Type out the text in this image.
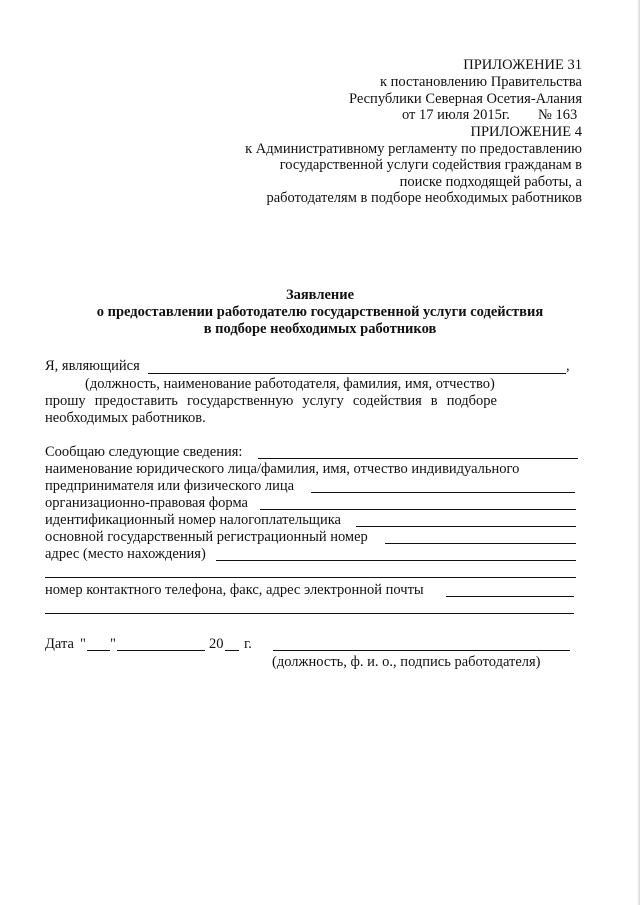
ПРИЛОЖЕНИЕ 31
к постановлению Правительства
Республики Северная Осетия-Алания
от 17 июля 2015г. № 163
ПРИЛОЖЕНИЕ 4
к Административному регламенту по предоставлению
государственной услуги содействия гражданам в
поиске подходящей работы, а
работодателям в подборе необходимых работников
Заявление
о предоставлении работодателю государственной услуги содействия
в подборе необходимых работников
Я, являющийся	,
(должность, наименование работодателя, фамилия, имя, отчество)
прошу предоставить государственную услугу содействия в подборе
необходимых работников.
Сообщаю следующие сведения:
наименование юридического лица/фамилия, имя, отчество индивидуального
предпринимателя или физического лица
организационно-правовая форма
идентификационный номер налогоплательщика
основной государственный регистрационный номер
адрес (место нахождения)
номер контактного телефона, факс, адрес электронной почты
Дата " "	20 г.
(должность, ф. и. о., подпись работодателя)
